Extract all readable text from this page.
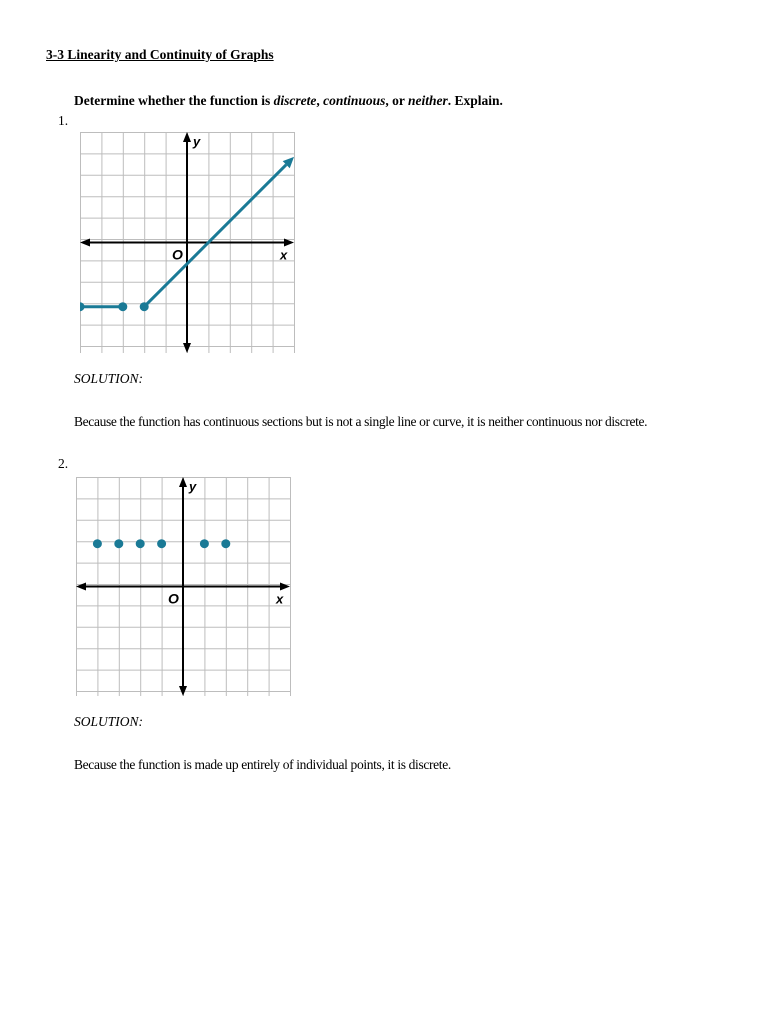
3-3 Linearity and Continuity of Graphs
Determine whether the function is discrete, continuous, or neither. Explain.
1.
y
x
O
SOLUTION:
Because the function has continuous sections but is not a single line or curve, it is neither continuous nor discrete.
2.
y
x
O
SOLUTION:
Because the function is made up entirely of individual points, it is discrete.
